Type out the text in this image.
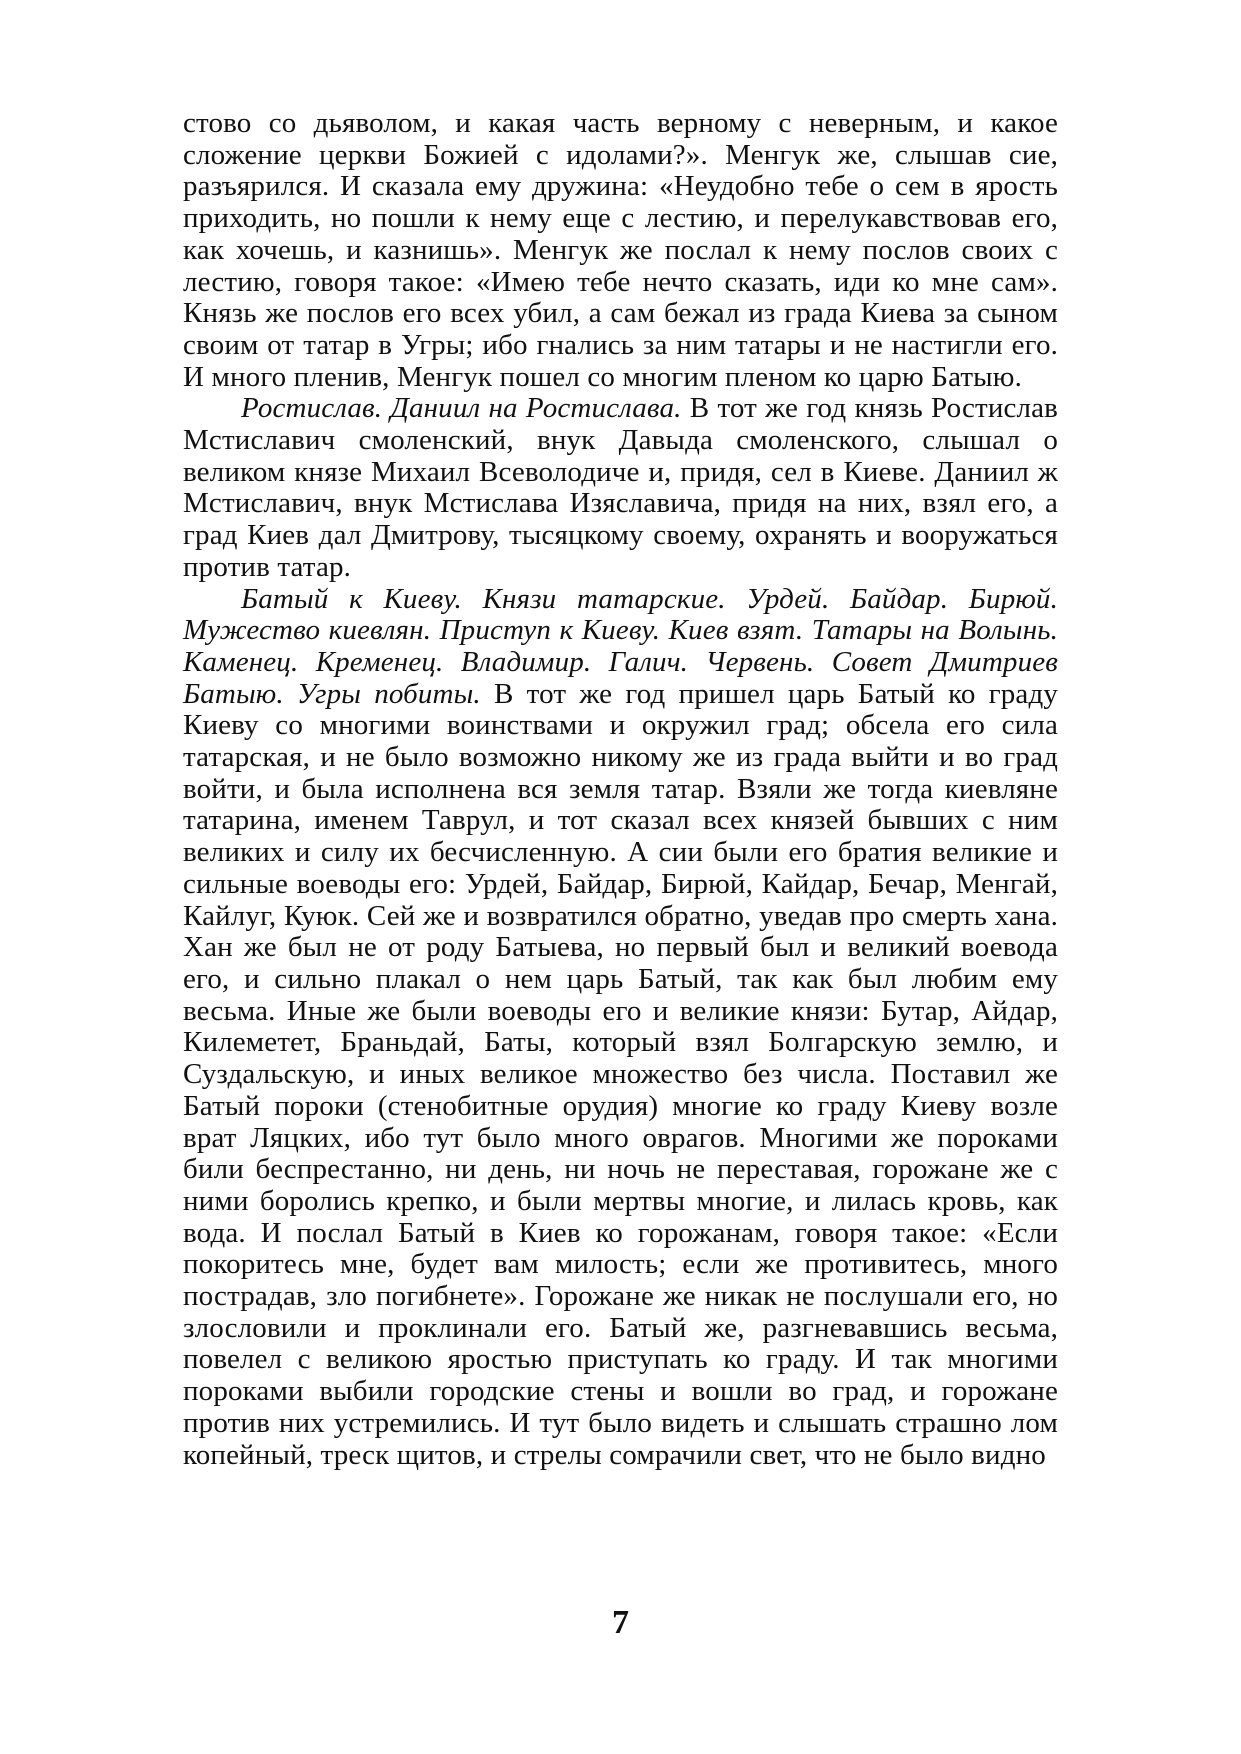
стово со дьяволом, и какая часть верному с неверным, и какое сложение церкви Божией с идолами?». Менгук же, слышав сие, разъярился. И сказала ему дружина: «Неудобно тебе о сем в ярость приходить, но пошли к нему еще с лестию, и перелукавствовав его, как хочешь, и казнишь». Менгук же послал к нему послов своих с лестию, говоря такое: «Имею тебе нечто сказать, иди ко мне сам». Князь же послов его всех убил, а сам бежал из града Киева за сыном своим от татар в Угры; ибо гнались за ним татары и не настигли его. И много пленив, Менгук пошел со многим пленом ко царю Батыю.

Ростислав. Даниил на Ростислава. В тот же год князь Ростислав Мстиславич смоленский, внук Давыда смоленского, слышал о великом князе Михаил Всеволодиче и, придя, сел в Киеве. Даниил ж Мстиславич, внук Мстислава Изяславича, придя на них, взял его, а град Киев дал Дмитрову, тысяцкому своему, охранять и вооружаться против татар.

Батый к Киеву. Князи татарские. Урдей. Байдар. Бирюй. Мужество киевлян. Приступ к Киеву. Киев взят. Татары на Волынь. Каменец. Кременец. Владимир. Галич. Червень. Совет Дмитриев Батыю. Угры побиты. В тот же год пришел царь Батый ко граду Киеву со многими воинствами и окружил град; обсела его сила татарская, и не было возможно никому же из града выйти и во град войти, и была исполнена вся земля татар. Взяли же тогда киевляне татарина, именем Таврул, и тот сказал всех князей бывших с ним великих и силу их бесчисленную. А сии были его братия великие и сильные воеводы его: Урдей, Байдар, Бирюй, Кайдар, Бечар, Менгай, Кайлуг, Куюк. Сей же и возвратился обратно, уведав про смерть хана. Хан же был не от роду Батыева, но первый был и великий воевода его, и сильно плакал о нем царь Батый, так как был любим ему весьма. Иные же были воеводы его и великие князи: Бутар, Айдар, Килеметет, Браньдай, Баты, который взял Болгарскую землю, и Суздальскую, и иных великое множество без числа. Поставил же Батый пороки (стенобитные орудия) многие ко граду Киеву возле врат Ляцких, ибо тут было много оврагов. Многими же пороками били беспрестанно, ни день, ни ночь не переставая, горожане же с ними боролись крепко, и были мертвы многие, и лилась кровь, как вода. И послал Батый в Киев ко горожанам, говоря такое: «Если покоритесь мне, будет вам милость; если же противитесь, много пострадав, зло погибнете». Горожане же никак не послушали его, но злословили и проклинали его. Батый же, разгневавшись весьма, повелел с великою яростью приступать ко граду. И так многими пороками выбили городские стены и вошли во град, и горожане против них устремились. И тут было видеть и слышать страшно лом копейный, треск щитов, и стрелы сомрачили свет, что не было видно

7
